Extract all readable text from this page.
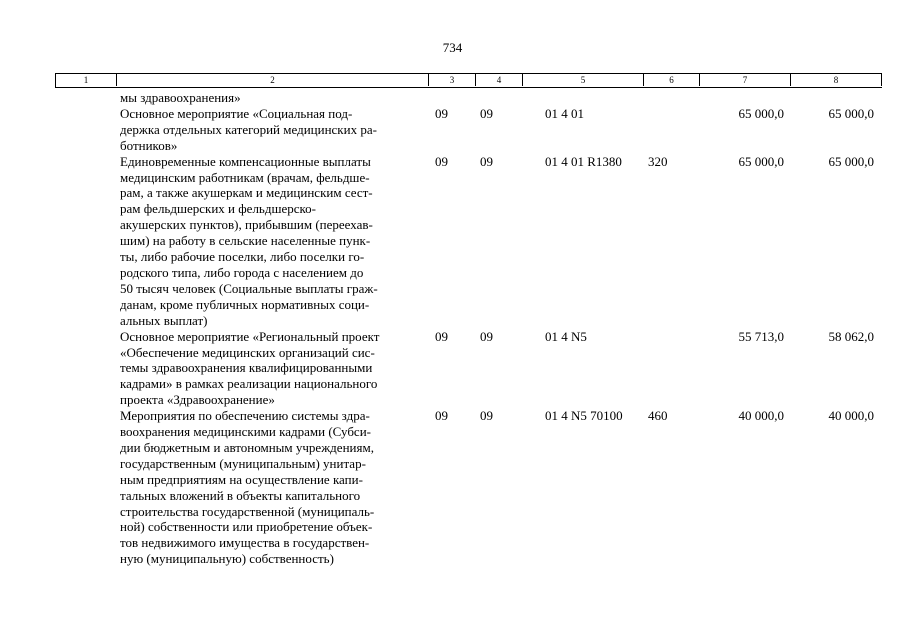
734
1	2	3	4	5	6	7	8
мы здравоохранения»
Основное мероприятие «Социальная под-
держка отдельных категорий медицинских ра-
ботников»
09 09	01 4 01	65 000,0	65 000,0
Единовременные компенсационные выплаты
медицинским работникам (врачам, фельдше-
рам, а также акушеркам и медицинским сест-
рам фельдшерских и фельдшерско-
акушерских пунктов), прибывшим (переехав-
шим) на работу в сельские населенные пунк-
ты, либо рабочие поселки, либо поселки го-
родского типа, либо города с населением до
50 тысяч человек (Социальные выплаты граж-
данам, кроме публичных нормативных соци-
альных выплат)
09 09	01 4 01 R1380 320	65 000,0	65 000,0
Основное мероприятие «Региональный проект
«Обеспечение медицинских организаций сис-
темы здравоохранения квалифицированными
кадрами» в рамках реализации национального
проекта «Здравоохранение»
09 09	01 4 N5	55 713,0	58 062,0
Мероприятия по обеспечению системы здра-
воохранения медицинскими кадрами (Субси-
дии бюджетным и автономным учреждениям,
государственным (муниципальным) унитар-
ным предприятиям на осуществление капи-
тальных вложений в объекты капитального
строительства государственной (муниципаль-
ной) собственности или приобретение объек-
тов недвижимого имущества в государствен-
ную (муниципальную) собственность)
09 09	01 4 N5 70100 460	40 000,0	40 000,0
